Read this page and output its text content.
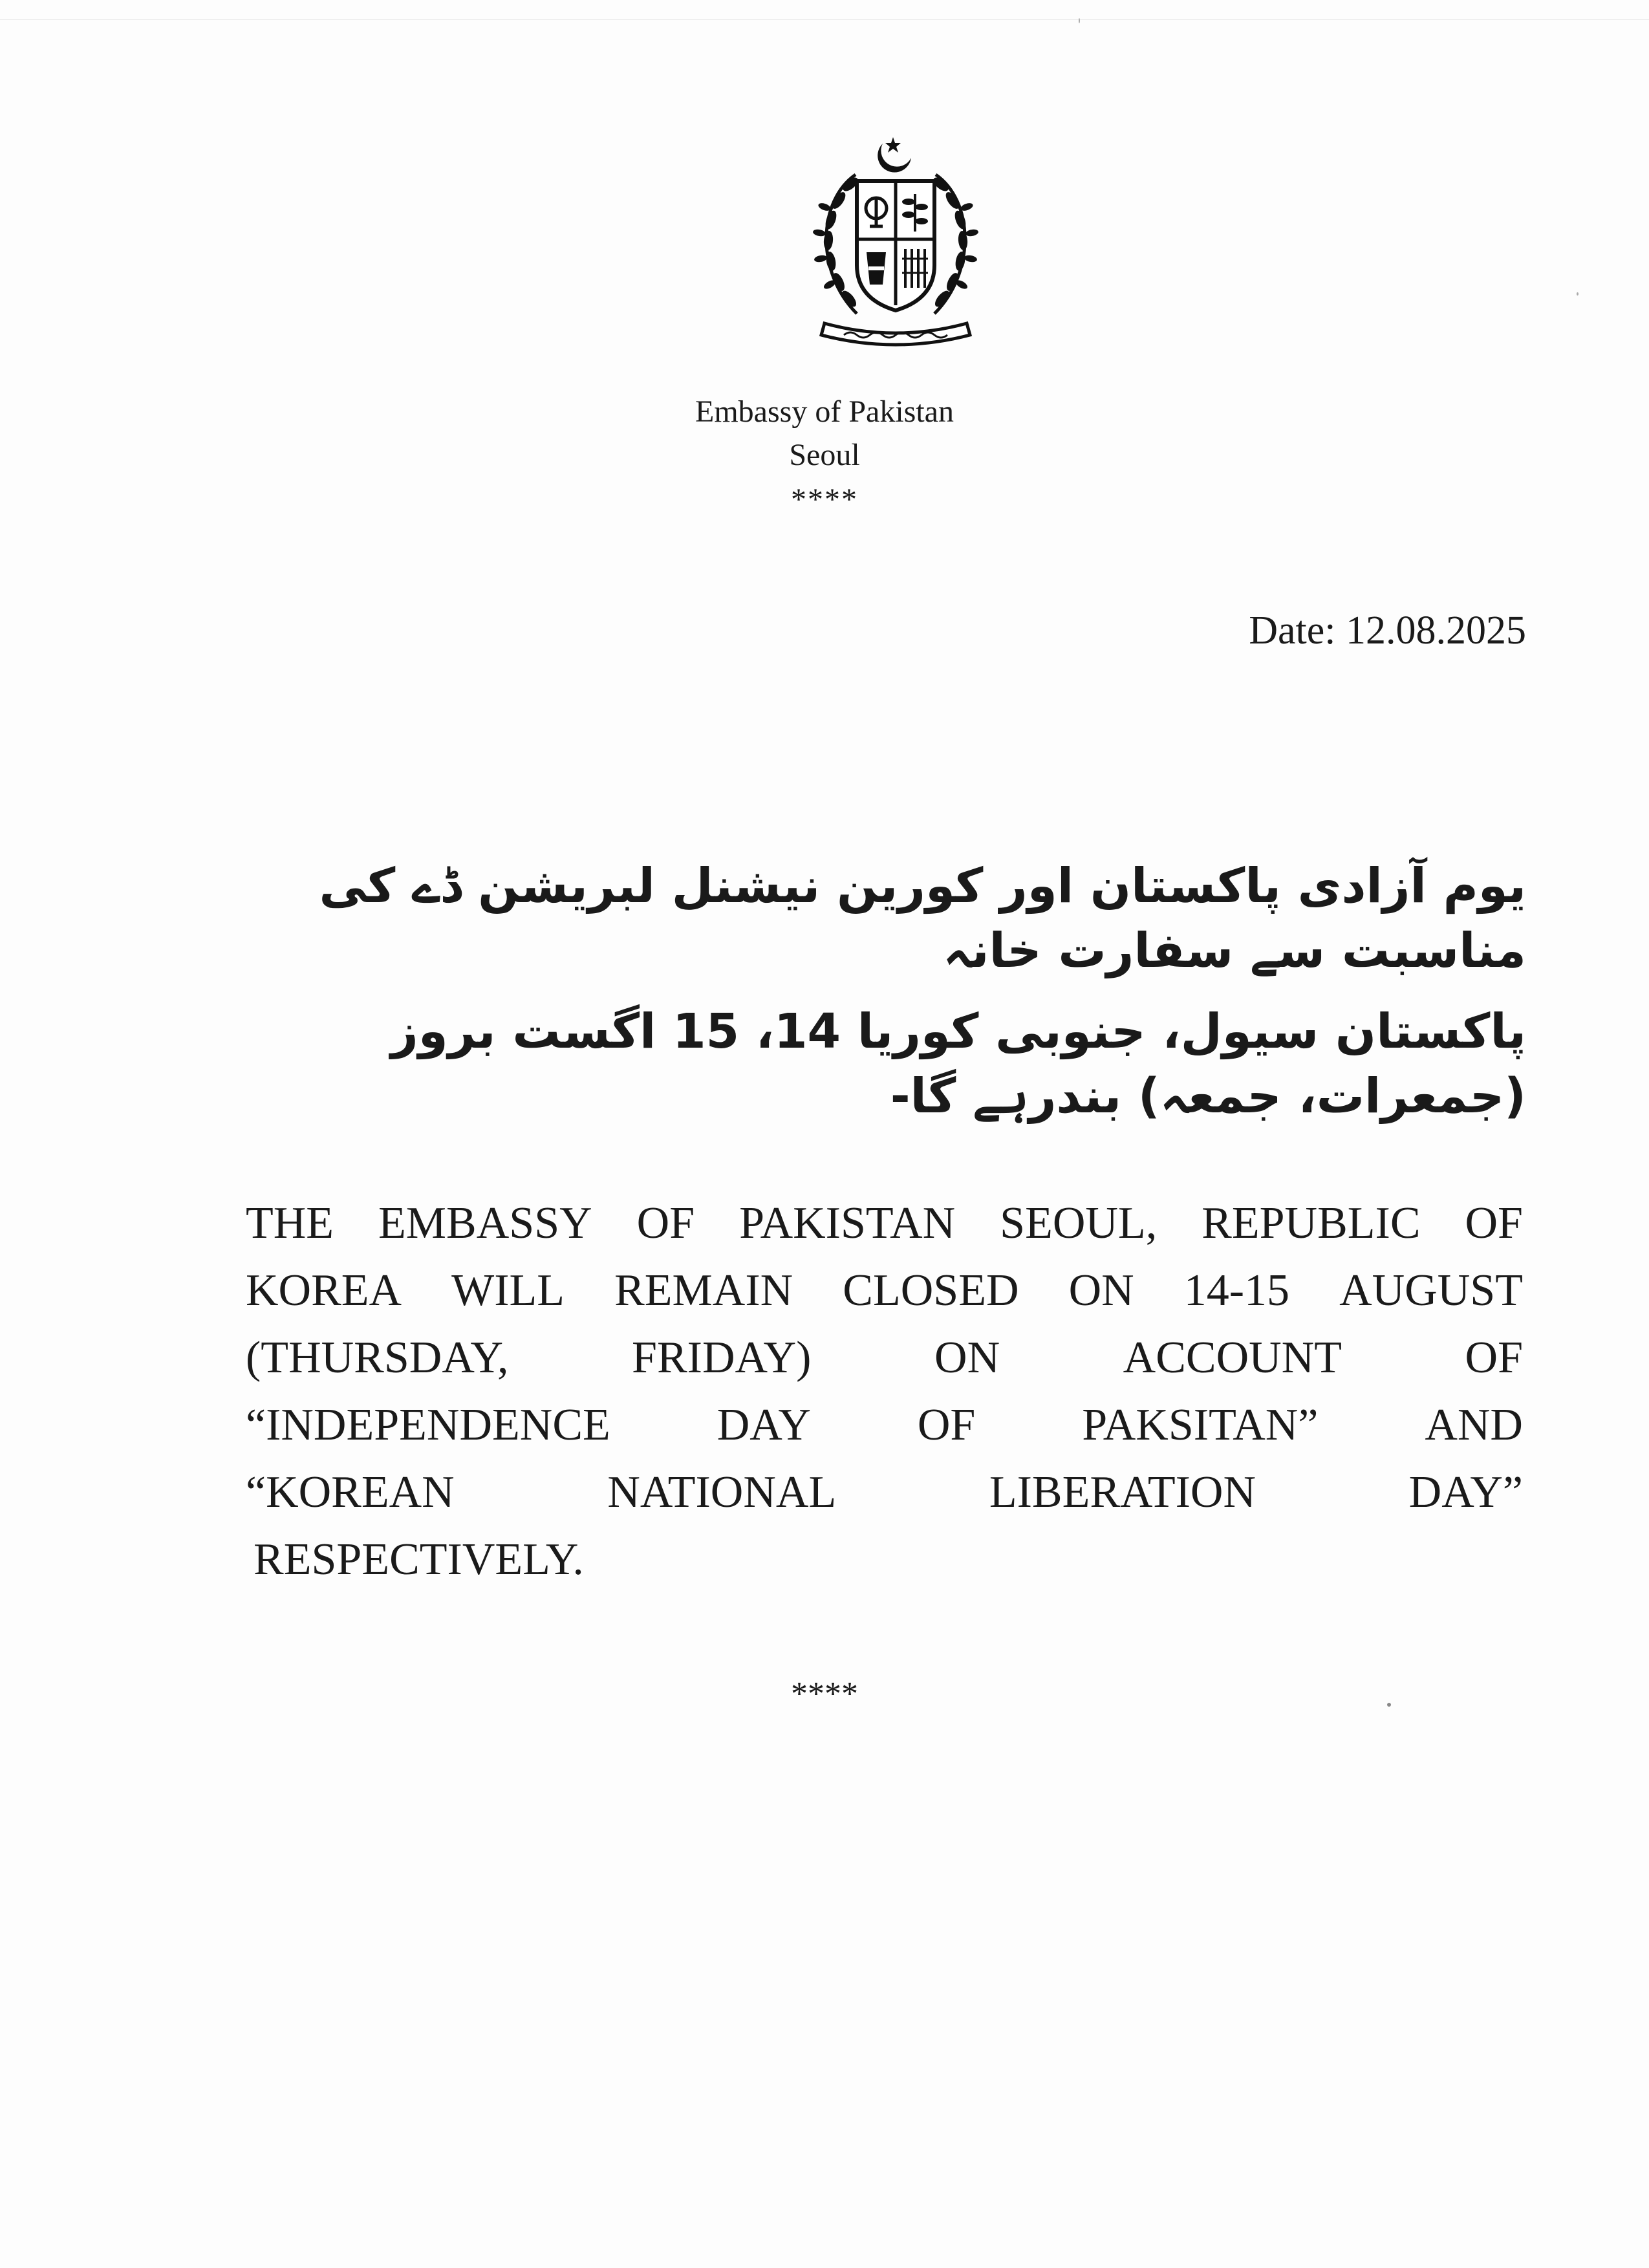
Embassy of Pakistan
Seoul
****
Date: 12.08.2025
یوم آزادی پاکستان اور کورین نیشنل لبریشن ڈے کی مناسبت سے سفارت خانہ
پاکستان سیول، جنوبی کوریا 14، 15 اگست بروز (جمعرات، جمعہ) بندرہے گا-
THE EMBASSY OF PAKISTAN SEOUL, REPUBLIC OF
KOREA WILL REMAIN CLOSED ON 14-15 AUGUST
(THURSDAY,	FRIDAY)	ON	ACCOUNT	OF
“INDEPENDENCE DAY OF PAKSITAN” AND
“KOREAN	NATIONAL	LIBERATION	DAY”
RESPECTIVELY.
****
